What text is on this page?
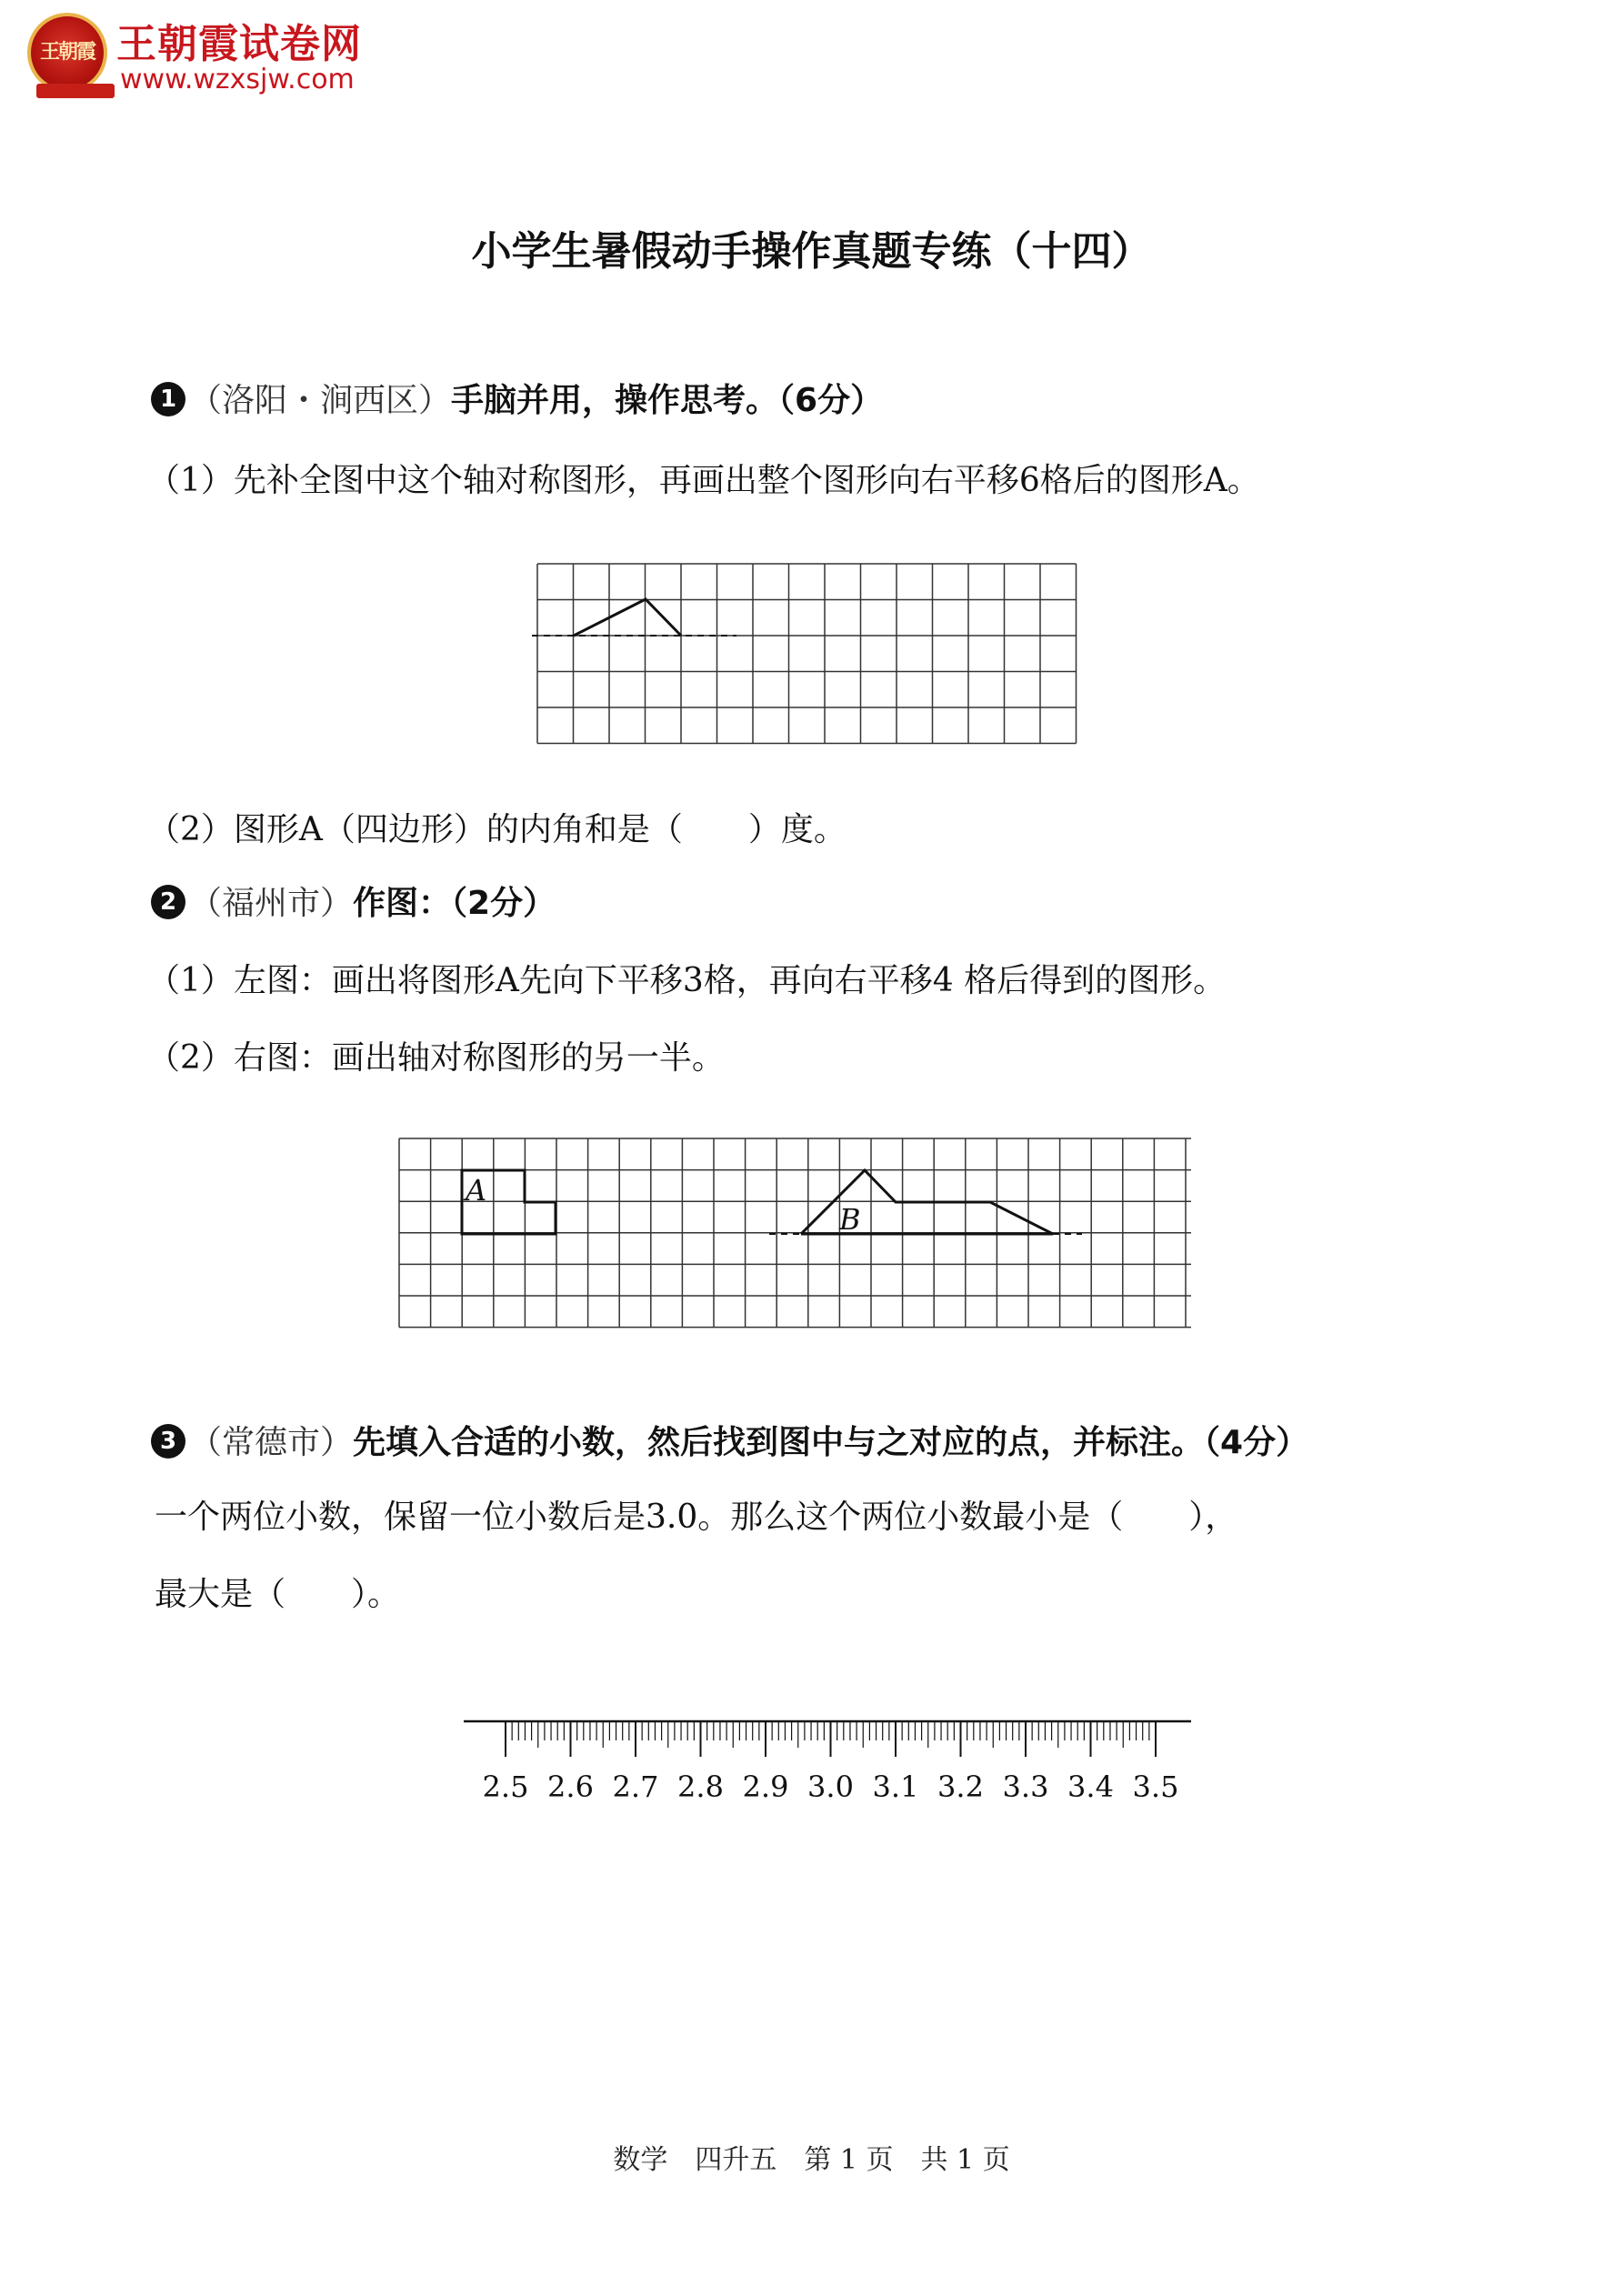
王朝霞 王朝霞试卷网
www.wzxsjw.com
小学生暑假动手操作真题专练（十四）
1 （洛阳・涧西区）手脑并用，操作思考。（6分）
（1）先补全图中这个轴对称图形，再画出整个图形向右平移6格后的图形A。
（2）图形A（四边形）的内角和是（　　）度。
2 （福州市）作图：（2分）
（1）左图：画出将图形A先向下平移3格，再向右平移4 格后得到的图形。
（2）右图：画出轴对称图形的另一半。
A
B
3 （常德市）先填入合适的小数，然后找到图中与之对应的点，并标注。（4分）
一个两位小数，保留一位小数后是3.0。那么这个两位小数最小是（　　），
最大是（　　）。
2.5 2.6 2.7 2.8 2.9 3.0 3.1 3.2 3.3 3.4 3.5
数学　四升五　第 1 页　共 1 页
